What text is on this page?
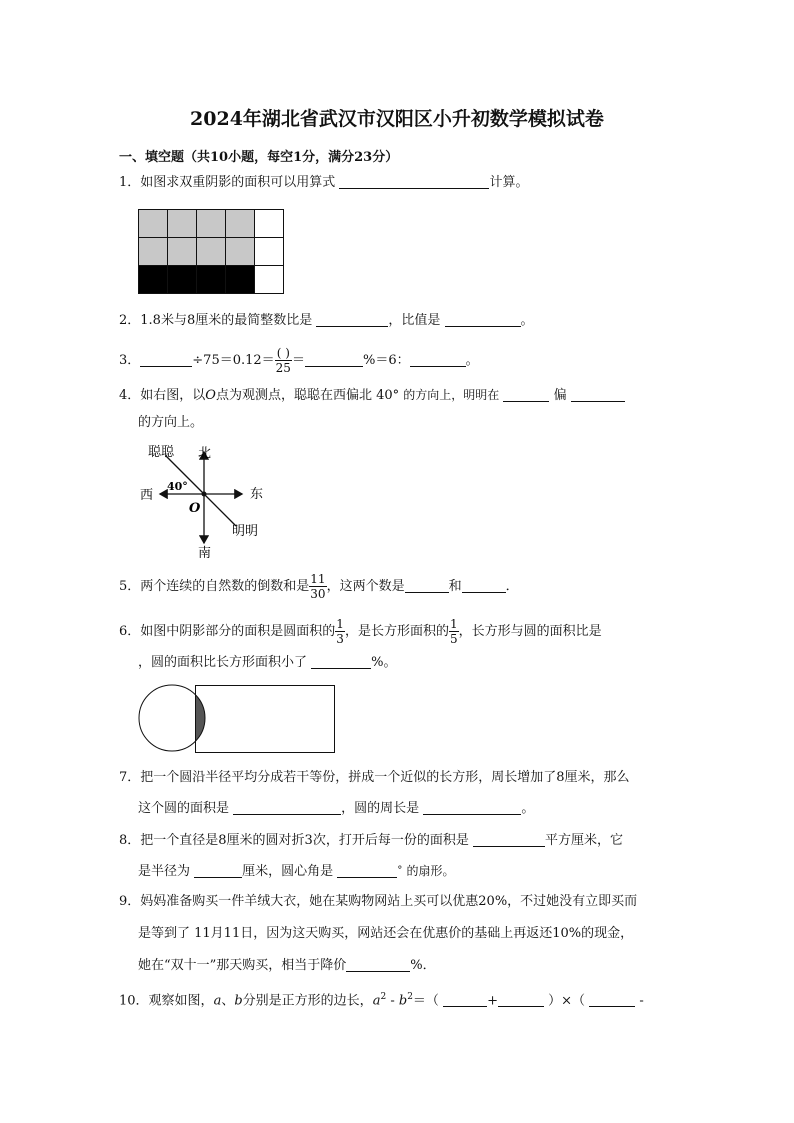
2024年湖北省武汉市汉阳区小升初数学模拟试卷
一、填空题（共10小题，每空1分，满分23分）
1．如图求双重阴影的面积可以用算式	计算。
2．1.8米与8厘米的最简整数比是	，比值是	。
3．	$\div 75=0.12= \frac{( )}{25}$ ＝	%＝6：	。
4．如右图，以O点为观测点，聪聪在西偏北 40° 的方向上，明明在	偏
的方向上。
北
南
东
西
聪聪
明明
O
40°
5．两个连续的自然数的倒数和是 $\frac{11}{30}$ ，这两个数是	和	．
6．如图中阴影部分的面积是圆面积的 $\frac{1}{3}$ ，是长方形面积的 $\frac{1}{5}$ ，长方形与圆的面积比是
，圆的面积比长方形面积小了	%。
7．把一个圆沿半径平均分成若干等份，拼成一个近似的长方形，周长增加了8厘米，那么
这个圆的面积是	，圆的周长是	。
8．把一个直径是8厘米的圆对折3次，打开后每一份的面积是	平方厘米，它
是半径为	厘米，圆心角是	° 的扇形。
9．妈妈准备购买一件羊绒大衣，她在某购物网站上买可以优惠20%，不过她没有立即买而
是等到了 11月11日，因为这天购买，网站还会在优惠价的基础上再返还10%的现金，
她在“双十一”那天购买，相当于降价	%．
10．观察如图，a、b分别是正方形的边长，$a^2 - b^2=$（	+	）×（	-
